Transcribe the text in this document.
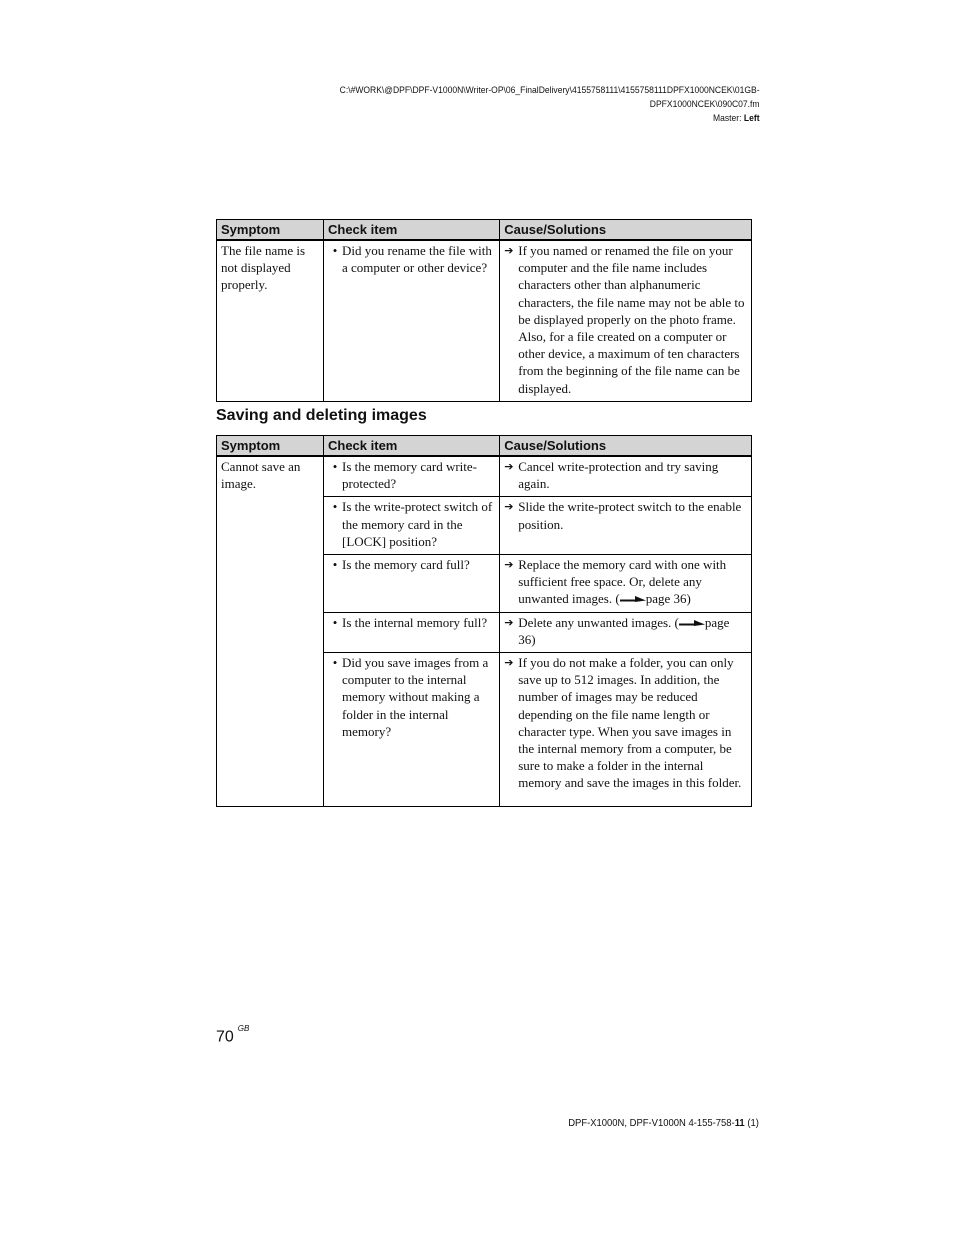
C:\#WORK\@DPF\DPF-V1000N\Writer-OP\06_FinalDelivery\4155758111\4155758111DPFX1000NCEK\01GB-
DPFX1000NCEK\090C07.fm
Master: Left
Symptom	Check item	Cause/Solutions
The file name is not displayed properly.	• Did you rename the file with a computer or other device?	➔ If you named or renamed the file on your computer and the file name includes characters other than alphanumeric characters, the file name may not be able to be displayed properly on the photo frame. Also, for a file created on a computer or other device, a maximum of ten characters from the beginning of the file name can be displayed.
Saving and deleting images
Symptom	Check item	Cause/Solutions
Cannot save an image.	• Is the memory card write-protected?	➔ Cancel write-protection and try saving again.

	• Is the write-protect switch of the memory card in the [LOCK] position?	➔ Slide the write-protect switch to the enable position.

	• Is the memory card full?	➔ Replace the memory card with one with sufficient free space. Or, delete any unwanted images. ( page 36)

	• Is the internal memory full?	➔ Delete any unwanted images. ( page 36)

	• Did you save images from a computer to the internal memory without making a folder in the internal memory?	➔ If you do not make a folder, you can only save up to 512 images. In addition, the number of images may be reduced depending on the file name length or character type. When you save images in the internal memory from a computer, be sure to make a folder in the internal memory and save the images in this folder.
70 $^{GB}$
DPF-X1000N, DPF-V1000N 4-155-758-11 (1)
